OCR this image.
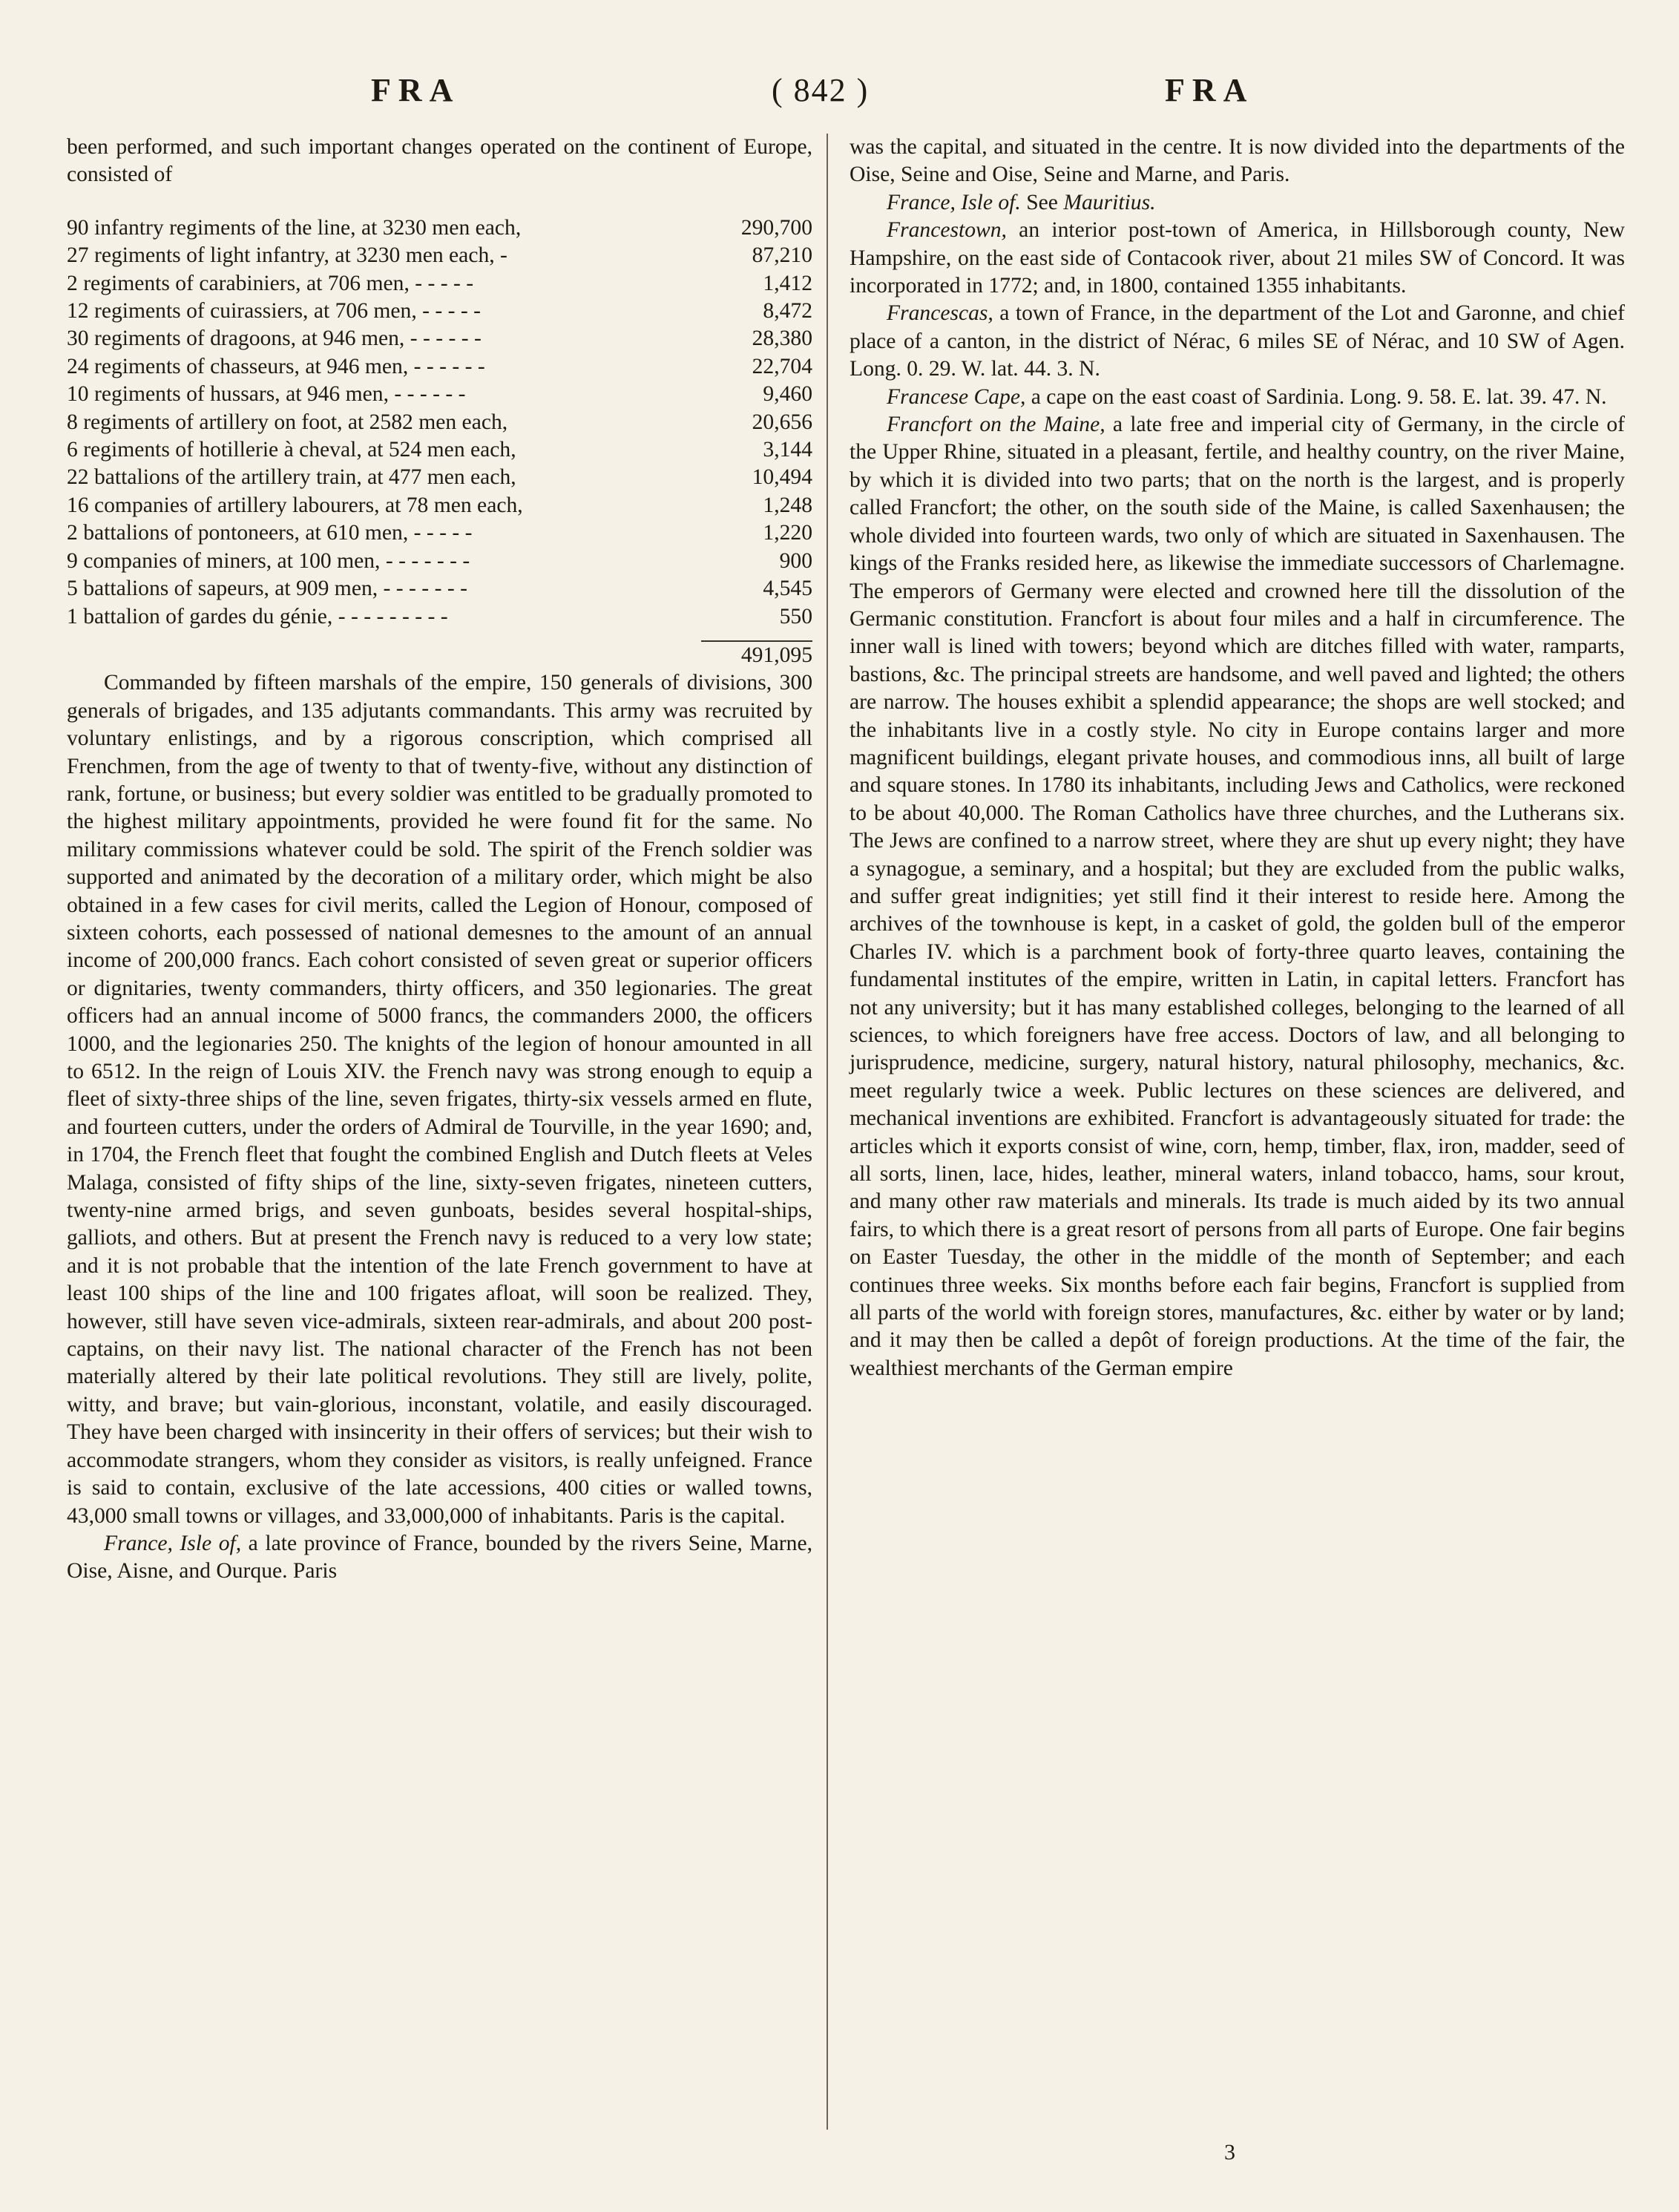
FRA	( 842 )	FRA

been performed, and such important changes operated on the continent of Europe, consisted of

90 infantry regiments of the line, at 3230 men each,	290,700
27 regiments of light infantry, at 3230 men each, -	87,210
2 regiments of carabiniers, at 706 men, - - - - -	1,412
12 regiments of cuirassiers, at 706 men, - - - - -	8,472
30 regiments of dragoons, at 946 men, - - - - - -	28,380
24 regiments of chasseurs, at 946 men, - - - - - -	22,704
10 regiments of hussars, at 946 men, - - - - - -	9,460
8 regiments of artillery on foot, at 2582 men each,	20,656
6 regiments of hotillerie à cheval, at 524 men each,	3,144
22 battalions of the artillery train, at 477 men each,	10,494
16 companies of artillery labourers, at 78 men each,	1,248
2 battalions of pontoneers, at 610 men, - - - - -	1,220
9 companies of miners, at 100 men, - - - - - - -	900
5 battalions of sapeurs, at 909 men, - - - - - - -	4,545
1 battalion of gardes du génie, - - - - - - - - -	550

	491,095

Commanded by fifteen marshals of the empire, 150 generals of divisions, 300 generals of brigades, and 135 adjutants commandants. This army was recruited by voluntary enlistings, and by a rigorous conscription, which comprised all Frenchmen, from the age of twenty to that of twenty-five, without any distinction of rank, fortune, or business; but every soldier was entitled to be gradually promoted to the highest military appointments, provided he were found fit for the same. No military commissions whatever could be sold. The spirit of the French soldier was supported and animated by the decoration of a military order, which might be also obtained in a few cases for civil merits, called the Legion of Honour, composed of sixteen cohorts, each possessed of national demesnes to the amount of an annual income of 200,000 francs. Each cohort consisted of seven great or superior officers or dignitaries, twenty commanders, thirty officers, and 350 legionaries. The great officers had an annual income of 5000 francs, the commanders 2000, the officers 1000, and the legionaries 250. The knights of the legion of honour amounted in all to 6512. In the reign of Louis XIV. the French navy was strong enough to equip a fleet of sixty-three ships of the line, seven frigates, thirty-six vessels armed en flute, and fourteen cutters, under the orders of Admiral de Tourville, in the year 1690; and, in 1704, the French fleet that fought the combined English and Dutch fleets at Veles Malaga, consisted of fifty ships of the line, sixty-seven frigates, nineteen cutters, twenty-nine armed brigs, and seven gunboats, besides several hospital-ships, galliots, and others. But at present the French navy is reduced to a very low state; and it is not probable that the intention of the late French government to have at least 100 ships of the line and 100 frigates afloat, will soon be realized. They, however, still have seven vice-admirals, sixteen rear-admirals, and about 200 post-captains, on their navy list. The national character of the French has not been materially altered by their late political revolutions. They still are lively, polite, witty, and brave; but vain-glorious, inconstant, volatile, and easily discouraged. They have been charged with insincerity in their offers of services; but their wish to accommodate strangers, whom they consider as visitors, is really unfeigned. France is said to contain, exclusive of the late accessions, 400 cities or walled towns, 43,000 small towns or villages, and 33,000,000 of inhabitants. Paris is the capital.

France, Isle of, a late province of France, bounded by the rivers Seine, Marne, Oise, Aisne, and Ourque. Paris

was the capital, and situated in the centre. It is now divided into the departments of the Oise, Seine and Oise, Seine and Marne, and Paris.

France, Isle of. See Mauritius.

Francestown, an interior post-town of America, in Hillsborough county, New Hampshire, on the east side of Contacook river, about 21 miles SW of Concord. It was incorporated in 1772; and, in 1800, contained 1355 inhabitants.

Francescas, a town of France, in the department of the Lot and Garonne, and chief place of a canton, in the district of Nérac, 6 miles SE of Nérac, and 10 SW of Agen. Long. 0. 29. W. lat. 44. 3. N.

Francese Cape, a cape on the east coast of Sardinia. Long. 9. 58. E. lat. 39. 47. N.

Francfort on the Maine, a late free and imperial city of Germany, in the circle of the Upper Rhine, situated in a pleasant, fertile, and healthy country, on the river Maine, by which it is divided into two parts; that on the north is the largest, and is properly called Francfort; the other, on the south side of the Maine, is called Saxenhausen; the whole divided into fourteen wards, two only of which are situated in Saxenhausen. The kings of the Franks resided here, as likewise the immediate successors of Charlemagne. The emperors of Germany were elected and crowned here till the dissolution of the Germanic constitution. Francfort is about four miles and a half in circumference. The inner wall is lined with towers; beyond which are ditches filled with water, ramparts, bastions, &c. The principal streets are handsome, and well paved and lighted; the others are narrow. The houses exhibit a splendid appearance; the shops are well stocked; and the inhabitants live in a costly style. No city in Europe contains larger and more magnificent buildings, elegant private houses, and commodious inns, all built of large and square stones. In 1780 its inhabitants, including Jews and Catholics, were reckoned to be about 40,000. The Roman Catholics have three churches, and the Lutherans six. The Jews are confined to a narrow street, where they are shut up every night; they have a synagogue, a seminary, and a hospital; but they are excluded from the public walks, and suffer great indignities; yet still find it their interest to reside here. Among the archives of the townhouse is kept, in a casket of gold, the golden bull of the emperor Charles IV. which is a parchment book of forty-three quarto leaves, containing the fundamental institutes of the empire, written in Latin, in capital letters. Francfort has not any university; but it has many established colleges, belonging to the learned of all sciences, to which foreigners have free access. Doctors of law, and all belonging to jurisprudence, medicine, surgery, natural history, natural philosophy, mechanics, &c. meet regularly twice a week. Public lectures on these sciences are delivered, and mechanical inventions are exhibited. Francfort is advantageously situated for trade: the articles which it exports consist of wine, corn, hemp, timber, flax, iron, madder, seed of all sorts, linen, lace, hides, leather, mineral waters, inland tobacco, hams, sour krout, and many other raw materials and minerals. Its trade is much aided by its two annual fairs, to which there is a great resort of persons from all parts of Europe. One fair begins on Easter Tuesday, the other in the middle of the month of September; and each continues three weeks. Six months before each fair begins, Francfort is supplied from all parts of the world with foreign stores, manufactures, &c. either by water or by land; and it may then be called a depôt of foreign productions. At the time of the fair, the wealthiest merchants of the German empire

3
